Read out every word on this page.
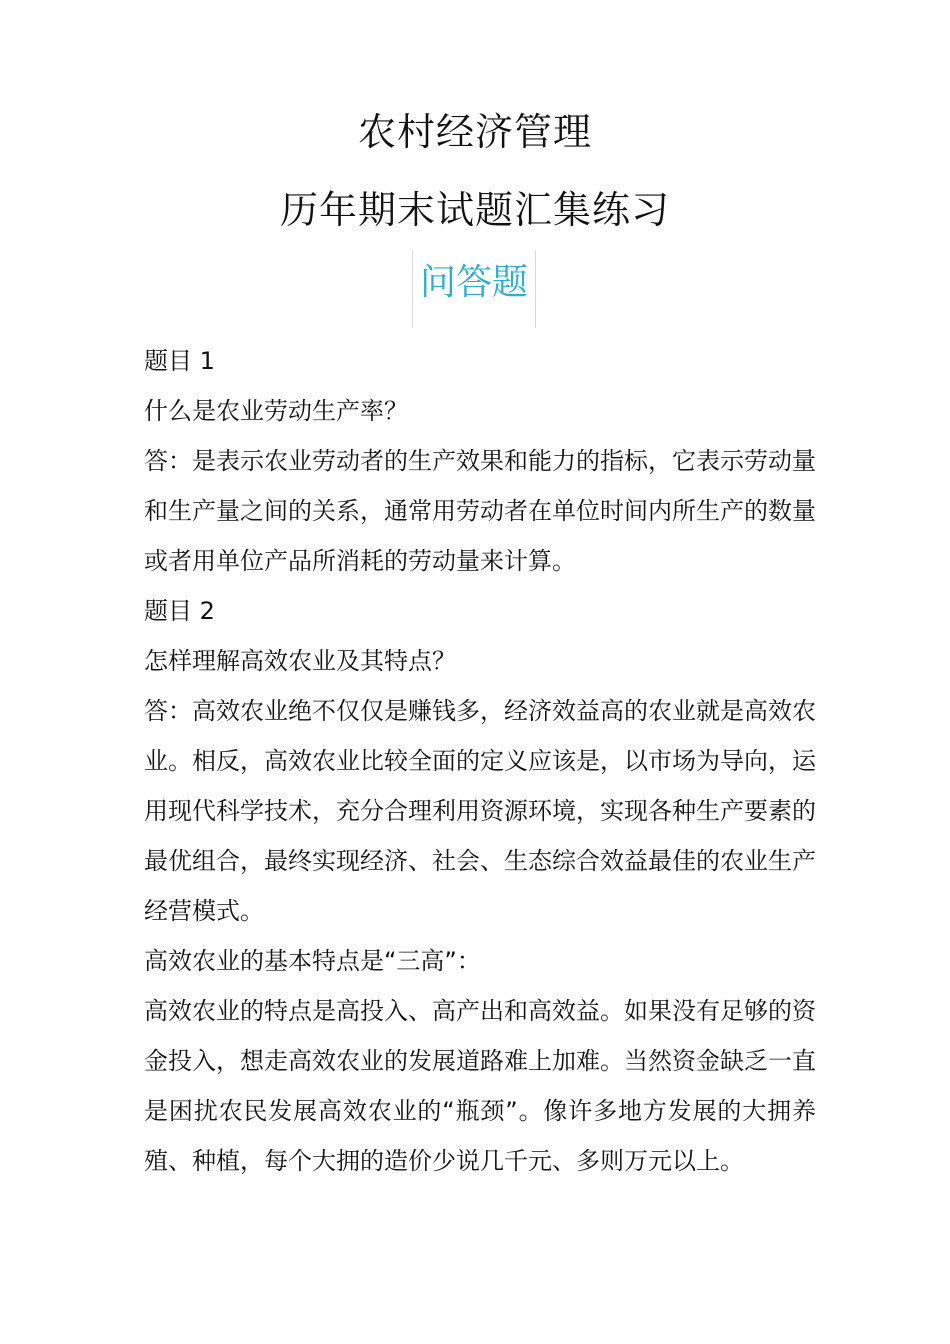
农村经济管理
历年期末试题汇集练习
问答题

题目 1

什么是农业劳动生产率？

答：是表示农业劳动者的生产效果和能力的指标，它表示劳动量和生产量之间的关系，通常用劳动者在单位时间内所生产的数量或者用单位产品所消耗的劳动量来计算。

题目 2

怎样理解高效农业及其特点？

答：高效农业绝不仅仅是赚钱多，经济效益高的农业就是高效农业。相反，高效农业比较全面的定义应该是，以市场为导向，运用现代科学技术，充分合理利用资源环境，实现各种生产要素的最优组合，最终实现经济、社会、生态综合效益最佳的农业生产经营模式。

高效农业的基本特点是“三高”：

高效农业的特点是高投入、高产出和高效益。如果没有足够的资金投入，想走高效农业的发展道路难上加难。当然资金缺乏一直是困扰农民发展高效农业的“瓶颈”。像许多地方发展的大拥养殖、种植，每个大拥的造价少说几千元、多则万元以上。
